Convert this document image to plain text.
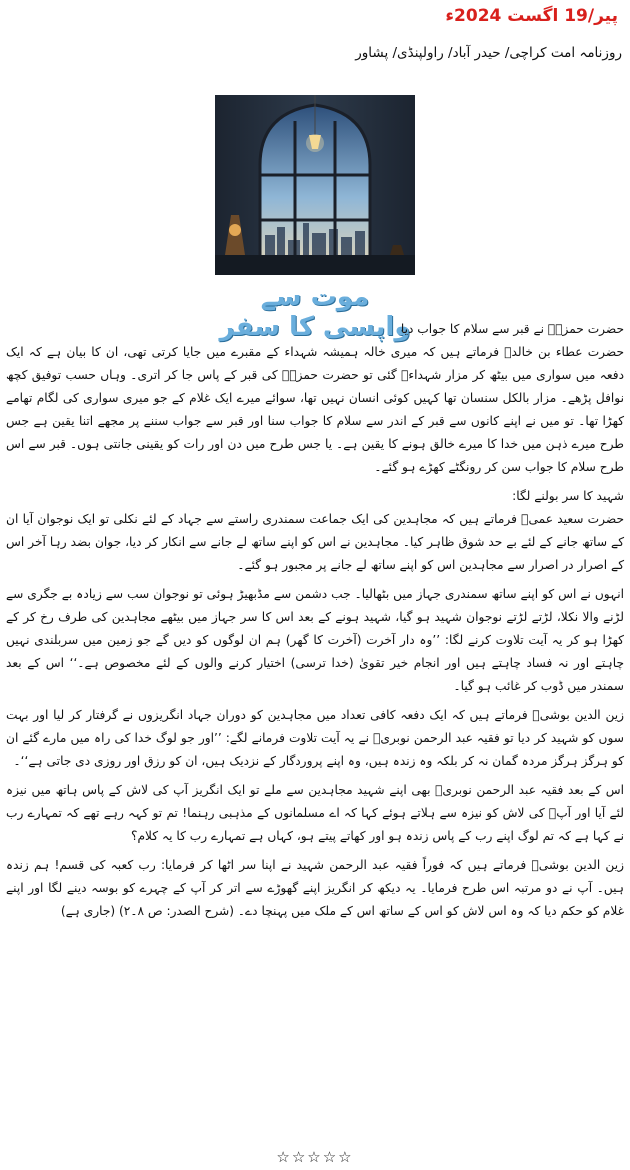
پیر/19 اگست 2024ء
روزنامہ امت کراچی/ حیدر آباد/ راولپنڈی/ پشاور
موت سے واپسی کا سفر

حضرت حمزہؓ نے قبر سے سلام کا جواب دیا

حضرت عطاء بن خالدؒ فرماتے ہیں کہ میری خالہ ہمیشہ شہداء کے مقبرے میں جایا کرتی تھی، ان کا بیان ہے کہ ایک دفعہ میں سواری میں بیٹھ کر مزار شہداءؓ گئی تو حضرت حمزہؓ کی قبر کے پاس جا کر اتری۔ وہاں حسب توفیق کچھ نوافل پڑھے۔ مزار بالکل سنسان تھا کہیں کوئی انسان نہیں تھا، سوائے میرے ایک غلام کے جو میری سواری کی لگام تھامے کھڑا تھا۔ تو میں نے اپنے کانوں سے قبر کے اندر سے سلام کا جواب سنا اور قبر سے جواب سننے پر مجھے اتنا یقین ہے جس طرح میرے ذہن میں خدا کا میرے خالق ہونے کا یقین ہے۔ یا جس طرح میں دن اور رات کو یقینی جانتی ہوں۔ قبر سے اس طرح سلام کا جواب سن کر رونگٹے کھڑے ہو گئے۔

شہید کا سر بولنے لگا:

حضرت سعید عمیؒ فرماتے ہیں کہ مجاہدین کی ایک جماعت سمندری راستے سے جہاد کے لئے نکلی تو ایک نوجوان آیا ان کے ساتھ جانے کے لئے بے حد شوق ظاہر کیا۔ مجاہدین نے اس کو اپنے ساتھ لے جانے سے انکار کر دیا، جوان بضد رہا آخر اس کے اصرار در اصرار سے مجاہدین اس کو اپنے ساتھ لے جانے پر مجبور ہو گئے۔

انہوں نے اس کو اپنے ساتھ سمندری جہاز میں بٹھالیا۔ جب دشمن سے مڈبھیڑ ہوئی تو نوجوان سب سے زیادہ بے جگری سے لڑنے والا نکلا، لڑتے لڑتے نوجوان شہید ہو گیا، شہید ہونے کے بعد اس کا سر جہاز میں بیٹھے مجاہدین کی طرف رخ کر کے کھڑا ہو کر یہ آیت تلاوت کرنے لگا: ’’وہ دار آخرت (آخرت کا گھر) ہم ان لوگوں کو دیں گے جو زمین میں سربلندی نہیں چاہتے اور نہ فساد چاہتے ہیں اور انجام خیر تقویٰ (خدا ترسی) اختیار کرنے والوں کے لئے مخصوص ہے۔‘‘ اس کے بعد سمندر میں ڈوب کر غائب ہو گیا۔

زین الدین بوشیؒ فرماتے ہیں کہ ایک دفعہ کافی تعداد میں مجاہدین کو دوران جہاد انگریزوں نے گرفتار کر لیا اور بہت سوں کو شہید کر دیا تو فقیہ عبد الرحمن نوبریؒ نے یہ آیت تلاوت فرمانے لگے: ’’اور جو لوگ خدا کی راہ میں مارے گئے ان کو ہرگز ہرگز مردہ گمان نہ کر بلکہ وہ زندہ ہیں، وہ اپنے پروردگار کے نزدیک ہیں، ان کو رزق اور روزی دی جاتی ہے‘‘۔

اس کے بعد فقیہ عبد الرحمن نوبریؒ بھی اپنے شہید مجاہدین سے ملے تو ایک انگریز آپ کی لاش کے پاس ہاتھ میں نیزہ لئے آیا اور آپؒ کی لاش کو نیزہ سے ہلاتے ہوئے کہا کہ اے مسلمانوں کے مذہبی رہنما! تم تو کہہ رہے تھے کہ تمہارے رب نے کہا ہے کہ تم لوگ اپنے رب کے پاس زندہ ہو اور کھاتے پیتے ہو، کہاں ہے تمہارے رب کا یہ کلام؟

زین الدین بوشیؒ فرماتے ہیں کہ فوراً فقیہ عبد الرحمن شہید نے اپنا سر اٹھا کر فرمایا: رب کعبہ کی قسم! ہم زندہ ہیں۔ آپ نے دو مرتبہ اس طرح فرمایا۔ یہ دیکھ کر انگریز اپنے گھوڑے سے اتر کر آپ کے چہرے کو بوسہ دینے لگا اور اپنے غلام کو حکم دیا کہ وہ اس لاش کو اس کے ساتھ اس کے ملک میں پہنچا دے۔ (شرح الصدر: ص ۸۔۲) (جاری ہے)

☆☆☆☆☆
